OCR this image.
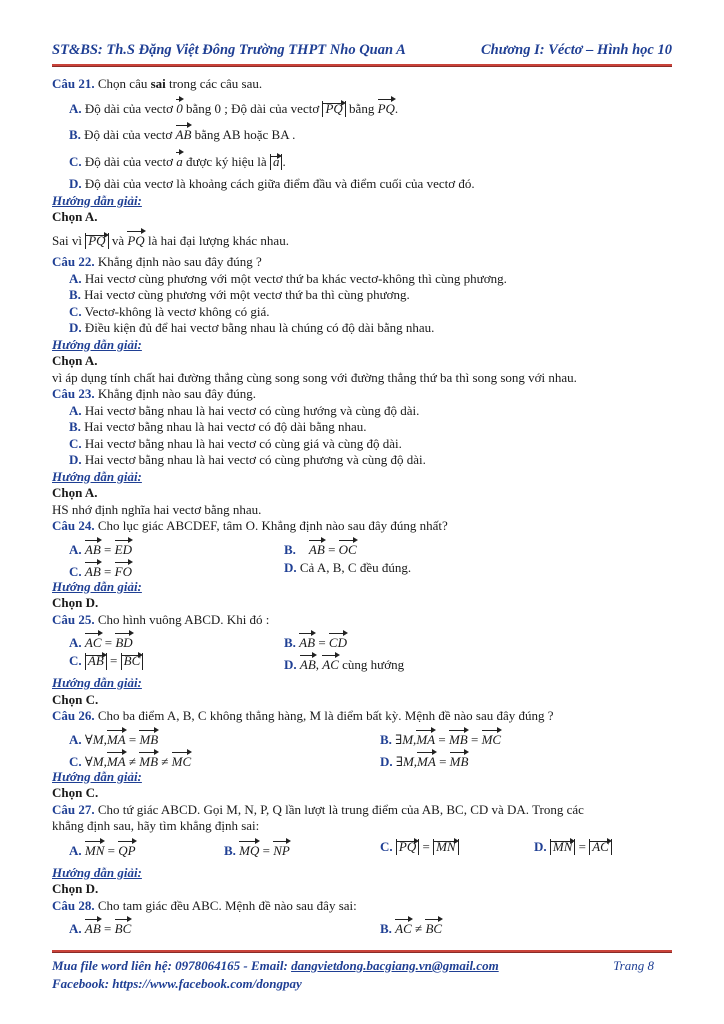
ST&BS: Th.S Đặng Việt Đông Trường THPT Nho Quan A	Chương I: Véctơ – Hình học 10
Câu 21. Chọn câu sai trong các câu sau.
A. Độ dài của vectơ 0 bằng 0 ; Độ dài của vectơ PQ bằng PQ.
B. Độ dài của vectơ AB bằng AB hoặc BA .
C. Độ dài của vectơ a được ký hiệu là a .
D. Độ dài của vectơ là khoảng cách giữa điểm đầu và điểm cuối của vectơ đó.
Hướng dẫn giải:
Chọn A.
Sai vì PQ và PQ là hai đại lượng khác nhau.
Câu 22. Khẳng định nào sau đây đúng ?
A. Hai vectơ cùng phương với một vectơ thứ ba khác vectơ-không thì cùng phương.
B. Hai vectơ cùng phương với một vectơ thứ ba thì cùng phương.
C. Vectơ-không là vectơ không có giá.
D. Điều kiện đủ để hai vectơ bằng nhau là chúng có độ dài bằng nhau.
Hướng dẫn giải:
Chọn A.
vì áp dụng tính chất hai đường thẳng cùng song song với đường thẳng thứ ba thì song song với nhau.
Câu 23. Khẳng định nào sau đây đúng.
A. Hai vectơ bằng nhau là hai vectơ có cùng hướng và cùng độ dài.
B. Hai vectơ bằng nhau là hai vectơ có độ dài bằng nhau.
C. Hai vectơ bằng nhau là hai vectơ có cùng giá và cùng độ dài.
D. Hai vectơ bằng nhau là hai vectơ có cùng phương và cùng độ dài.
Hướng dẫn giải:
Chọn A.
HS nhớ định nghĩa hai vectơ bằng nhau.
Câu 24. Cho lục giác ABCDEF, tâm O. Khẳng định nào sau đây đúng nhất?
A. AB = ED	B. AB = OC
C. AB = FO	D. Cả A, B, C đều đúng.
Hướng dẫn giải:
Chọn D.
Câu 25. Cho hình vuông ABCD. Khi đó :
A. AC = BD	B. AB = CD
C. AB = BC	D. AB, AC cùng hướng
Hướng dẫn giải:
Chọn C.
Câu 26. Cho ba điểm A, B, C không thẳng hàng, M là điểm bất kỳ. Mệnh đề nào sau đây đúng ?
A. ∀M,MA = MB	B. ∃M,MA = MB = MC
C. ∀M,MA ≠ MB ≠ MC	D. ∃M,MA = MB
Hướng dẫn giải:
Chọn C.
Câu 27. Cho tứ giác ABCD. Gọi M, N, P, Q lần lượt là trung điểm của AB, BC, CD và DA. Trong các
khẳng định sau, hãy tìm khẳng định sai:
A. MN = QP	B. MQ = NP	C. PQ = MN	D. MN = AC
Hướng dẫn giải:
Chọn D.
Câu 28. Cho tam giác đều ABC. Mệnh đề nào sau đây sai:
A. AB = BC	B. AC ≠ BC
Mua file word liên hệ: 0978064165 - Email: dangvietdong.bacgiang.vn@gmail.com	Trang 8
Facebook: https://www.facebook.com/dongpay
